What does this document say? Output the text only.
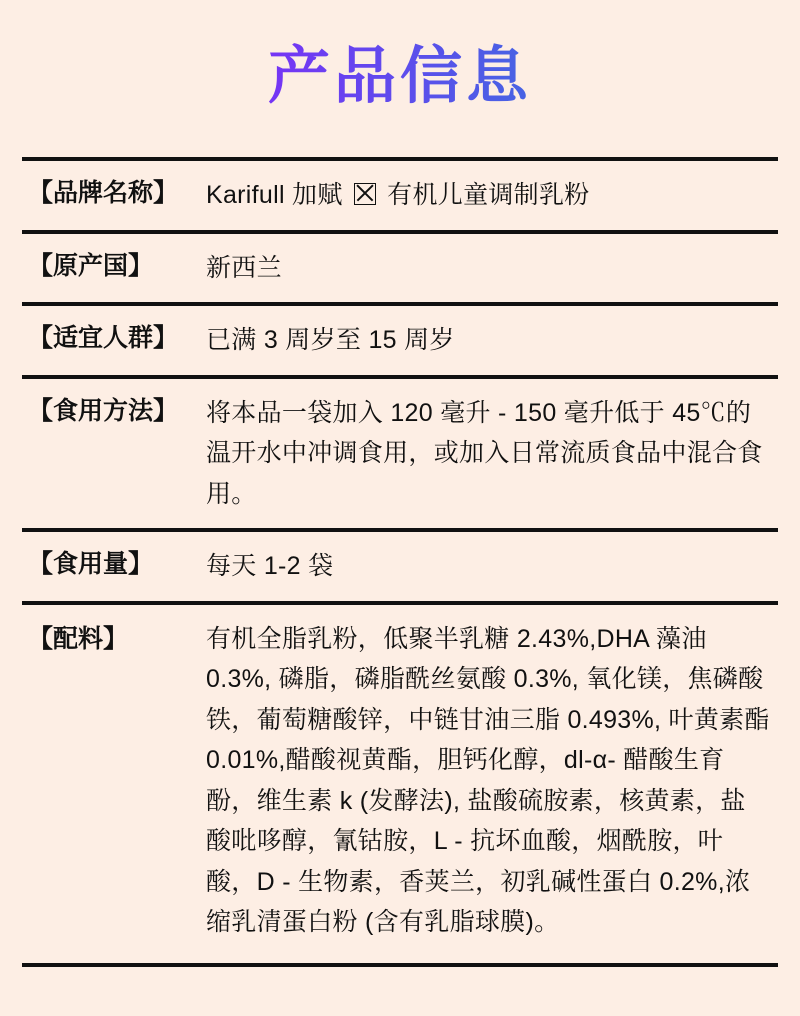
产品信息
【品牌名称】	Karifull 加赋 ☒ 有机儿童调制乳粉
【原产国】	新西兰
【适宜人群】	已满 3 周岁至 15 周岁
【食用方法】	将本品一袋加入 120 毫升 - 150 毫升低于 45℃的温开水中冲调食用，或加入日常流质食品中混合食用。
【食用量】	每天 1-2 袋
【配料】	有机全脂乳粉，低聚半乳糖 2.43%,DHA 藻油 0.3%, 磷脂，磷脂酰丝氨酸 0.3%, 氧化镁，焦磷酸铁，葡萄糖酸锌，中链甘油三脂 0.493%, 叶黄素酯 0.01%,醋酸视黄酯，胆钙化醇，dl-α- 醋酸生育酚，维生素 k (发酵法), 盐酸硫胺素，核黄素，盐酸吡哆醇，氰钴胺，L - 抗坏血酸，烟酰胺，叶酸，D - 生物素，香荚兰，初乳碱性蛋白 0.2%,浓缩乳清蛋白粉 (含有乳脂球膜)。
